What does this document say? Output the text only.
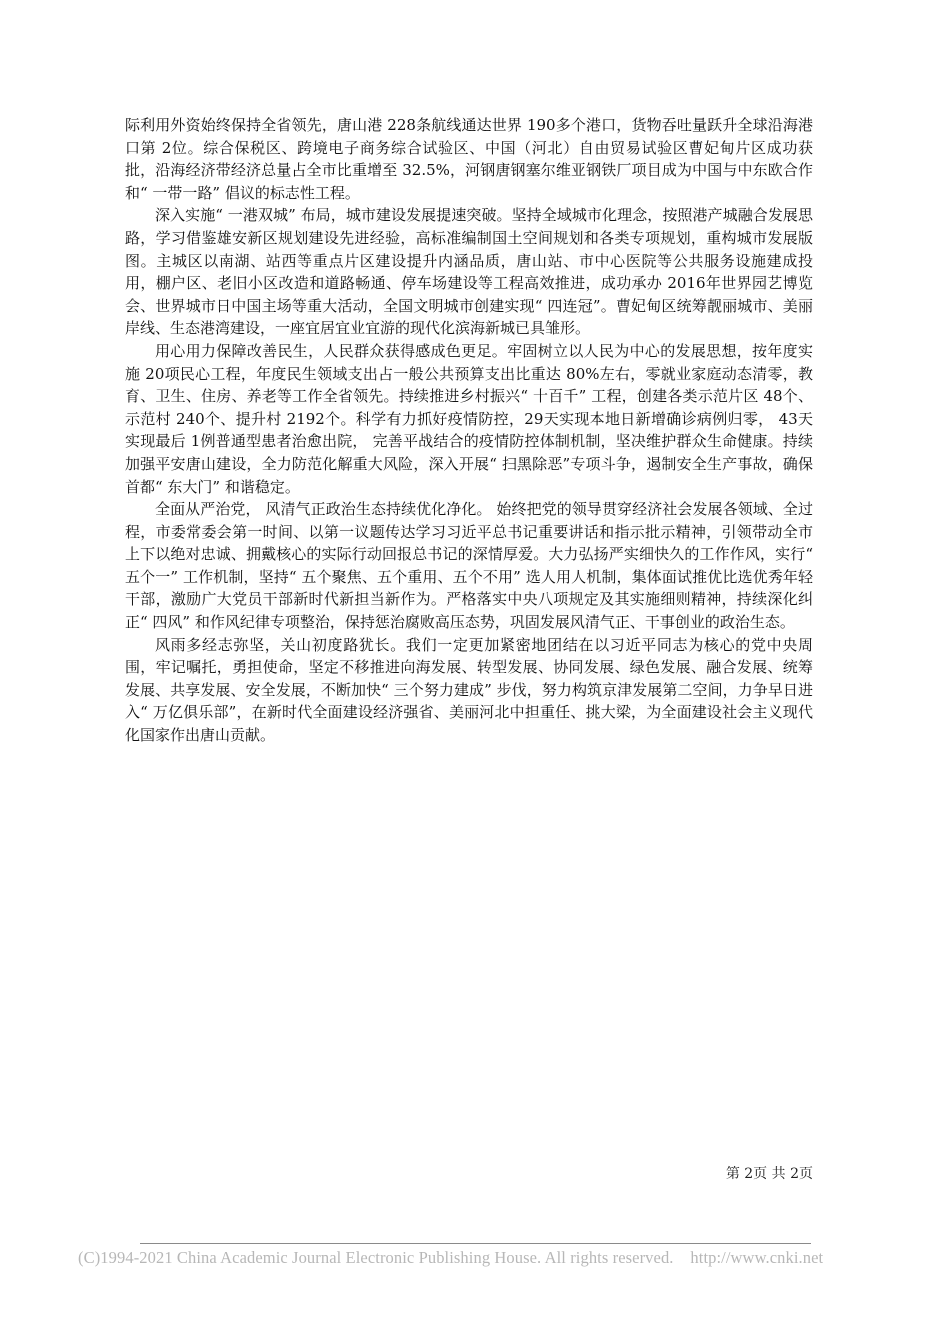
际利用外资始终保持全省领先，唐山港 228条航线通达世界 190多个港口，货物吞吐量跃升全球沿海港口第 2位。综合保税区、跨境电子商务综合试验区、中国（河北）自由贸易试验区曹妃甸片区成功获批，沿海经济带经济总量占全市比重增至 32.5%，河钢唐钢塞尔维亚钢铁厂项目成为中国与中东欧合作和“ 一带一路” 倡议的标志性工程。

深入实施“ 一港双城” 布局，城市建设发展提速突破。坚持全域城市化理念，按照港产城融合发展思路，学习借鉴雄安新区规划建设先进经验，高标准编制国土空间规划和各类专项规划，重构城市发展版图。主城区以南湖、站西等重点片区建设提升内涵品质，唐山站、市中心医院等公共服务设施建成投用，棚户区、老旧小区改造和道路畅通、停车场建设等工程高效推进，成功承办 2016年世界园艺博览会、世界城市日中国主场等重大活动，全国文明城市创建实现“ 四连冠”。曹妃甸区统筹靓丽城市、美丽岸线、生态港湾建设，一座宜居宜业宜游的现代化滨海新城已具雏形。

用心用力保障改善民生，人民群众获得感成色更足。牢固树立以人民为中心的发展思想，按年度实施 20项民心工程，年度民生领域支出占一般公共预算支出比重达 80%左右，零就业家庭动态清零，教育、卫生、住房、养老等工作全省领先。持续推进乡村振兴“ 十百千” 工程，创建各类示范片区 48个、示范村 240个、提升村 2192个。科学有力抓好疫情防控，29天实现本地日新增确诊病例归零， 43天实现最后 1例普通型患者治愈出院， 完善平战结合的疫情防控体制机制，坚决维护群众生命健康。持续加强平安唐山建设，全力防范化解重大风险，深入开展“ 扫黑除恶”专项斗争，遏制安全生产事故，确保首都“ 东大门” 和谐稳定。

全面从严治党， 风清气正政治生态持续优化净化。 始终把党的领导贯穿经济社会发展各领域、全过程，市委常委会第一时间、以第一议题传达学习习近平总书记重要讲话和指示批示精神，引领带动全市上下以绝对忠诚、拥戴核心的实际行动回报总书记的深情厚爱。大力弘扬严实细快久的工作作风，实行“ 五个一” 工作机制，坚持“ 五个聚焦、五个重用、五个不用” 选人用人机制，集体面试推优比选优秀年轻干部，激励广大党员干部新时代新担当新作为。严格落实中央八项规定及其实施细则精神，持续深化纠正“ 四风” 和作风纪律专项整治，保持惩治腐败高压态势，巩固发展风清气正、干事创业的政治生态。

风雨多经志弥坚，关山初度路犹长。我们一定更加紧密地团结在以习近平同志为核心的党中央周围，牢记嘱托，勇担使命，坚定不移推进向海发展、转型发展、协同发展、绿色发展、融合发展、统筹发展、共享发展、安全发展，不断加快“ 三个努力建成” 步伐，努力构筑京津发展第二空间，力争早日进入“ 万亿俱乐部”，在新时代全面建设经济强省、美丽河北中担重任、挑大梁，为全面建设社会主义现代化国家作出唐山贡献。

第 2页 共 2页
(C)1994-2021 China Academic Journal Electronic Publishing House. All rights reserved.    http://www.cnki.net
